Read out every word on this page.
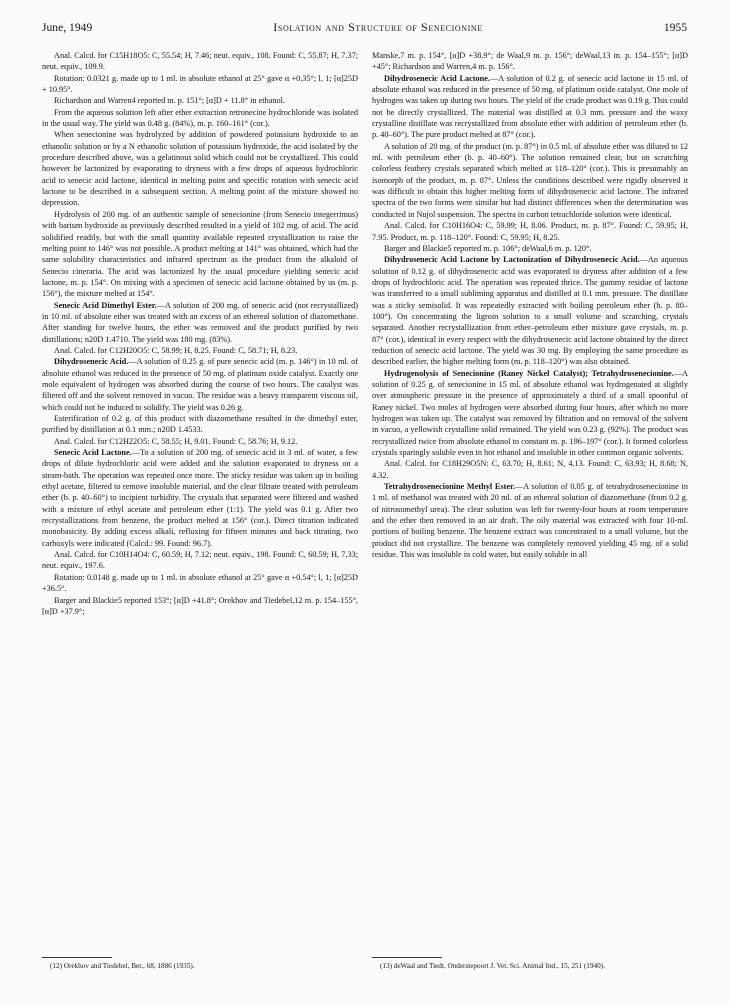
June, 1949	Isolation and Structure of Senecionine	1955

Anal. Calcd. for C15H18O5: C, 55.54; H, 7.46; neut. equiv., 108. Found: C, 55.87; H, 7.37; neut. equiv., 109.9.

Rotation: 0.0321 g. made up to 1 ml. in absolute ethanol at 25° gave α +0.35°; l, 1; [α]25D + 10.95°.

Richardson and Warren4 reported m. p. 151°; [α]D + 11.8° in ethanol.

From the aqueous solution left after ether extraction retronecine hydrochloride was isolated in the usual way. The yield was 0.48 g. (84%), m. p. 160–161° (cor.).

When senecionine was hydrolyzed by addition of powdered potassium hydroxide to an ethanolic solution or by a N ethanolic solution of potassium hydroxide, the acid isolated by the procedure described above, was a gelatinous solid which could not be crystallized. This could however be lactonized by evaporating to dryness with a few drops of aqueous hydrochloric acid to senecic acid lactone, identical in melting point and specific rotation with senecic acid lactone to be described in a subsequent section. A melting point of the mixture showed no depression.

Hydrolysis of 200 mg. of an authentic sample of senecionine (from Senecio integerrimus) with barium hydroxide as previously described resulted in a yield of 102 mg. of acid. The acid solidified readily, but with the small quantity available repeated crystallization to raise the melting point to 146° was not possible. A product melting at 141° was obtained, which had the same solubility characteristics and infrared spectrum as the product from the alkaloid of Senecio cineraria. The acid was lactonized by the usual procedure yielding senecic acid lactone, m. p. 154°. On mixing with a specimen of senecic acid lactone obtained by us (m. p. 156°), the mixture melted at 154°.

Senecic Acid Dimethyl Ester.—A solution of 200 mg. of senecic acid (not recrystallized) in 10 ml. of absolute ether was treated with an excess of an ethereal solution of diazomethane. After standing for twelve hours, the ether was removed and the product purified by two distillations; n20D 1.4710. The yield was 180 mg. (83%).

Anal. Calcd. for C12H20O5: C, 58.99; H, 8.25. Found: C, 58.71; H, 8.23.

Dihydrosenecic Acid.—A solution of 0.25 g. of pure senecic acid (m. p. 146°) in 10 ml. of absolute ethanol was reduced in the presence of 50 mg. of platinum oxide catalyst. Exactly one mole equivalent of hydrogen was absorbed during the course of two hours. The catalyst was filtered off and the solvent removed in vacuo. The residue was a heavy transparent viscous oil, which could not be induced to solidify. The yield was 0.26 g.

Esterification of 0.2 g. of this product with diazomethane resulted in the dimethyl ester, purified by distillation at 0.1 mm.; n20D 1.4533.

Anal. Calcd. for C12H22O5: C, 58.55; H, 9.01. Found: C, 58.76; H, 9.12.

Senecic Acid Lactone.—To a solution of 200 mg. of senecic acid in 3 ml. of water, a few drops of dilute hydrochloric acid were added and the solution evaporated to dryness on a steam-bath. The operation was repeated once more. The sticky residue was taken up in boiling ethyl acetate, filtered to remove insoluble material, and the clear filtrate treated with petroleum ether (b. p. 40–60°) to incipient turbidity. The crystals that separated were filtered and washed with a mixture of ethyl acetate and petroleum ether (1:1). The yield was 0.1 g. After two recrystallizations from benzene, the product melted at 156° (cor.). Direct titration indicated monobasicity. By adding excess alkali, refluxing for fifteen minutes and back titrating, two carboxyls were indicated (Calcd.: 99. Found: 96.7).

Anal. Calcd. for C10H14O4: C, 60.59; H, 7.12; neut. equiv., 198. Found: C, 60.59; H, 7.33; neut. equiv., 197.6.

Rotation: 0.0148 g. made up to 1 ml. in absolute ethanol at 25° gave α +0.54°; l, 1; [α]25D +36.5°.

Barger and Blackie5 reported 153°; [α]D +41.8°; Orekhov and Tiedebel,12 m. p. 154–155°, [α]D +37.9°;

(12) Orekhov and Tiedebel, Ber., 68, 1886 (1935).

Manske,7 m. p. 154°, [α]D +38.9°; de Waal,9 m. p. 156°; deWaal,13 m. p. 154–155°; [α]D +45°; Richardson and Warren,4 m. p. 156°.

Dihydrosenecic Acid Lactone.—A solution of 0.2 g. of senecic acid lactone in 15 ml. of absolute ethanol was reduced in the presence of 50 mg. of platinum oxide catalyst. One mole of hydrogen was taken up during two hours. The yield of the crude product was 0.19 g. This could not be directly crystallized. The material was distilled at 0.3 mm. pressure and the waxy crystalline distillate was recrystallized from absolute ether with addition of petroleum ether (b. p. 40–60°). The pure product melted at 87° (cor.).

A solution of 20 mg. of the product (m. p. 87°) in 0.5 ml. of absolute ether was diluted to 12 ml. with petroleum ether (b. p. 40–60°). The solution remained clear, but on scratching colorless feathery crystals separated which melted at 118–120° (cor.). This is presumably an isomorph of the product, m. p. 87°. Unless the conditions described were rigidly observed it was difficult to obtain this higher melting form of dihydrosenecic acid lactone. The infrared spectra of the two forms were similar but had distinct differences when the determination was conducted in Nujol suspension. The spectra in carbon tetrachloride solution were identical.

Anal. Calcd. for C10H16O4: C, 59.99; H, 8.06. Product, m. p. 87°. Found: C, 59.95; H, 7.95. Product, m. p. 118–120°. Found: C, 59.95; H, 8.25.

Barger and Blackie5 reported m. p. 106°; deWaal,6 m. p. 120°.

Dihydrosenecic Acid Lactone by Lactonization of Dihydrosenecic Acid.—An aqueous solution of 0.12 g. of dihydrosenecic acid was evaporated to dryness after addition of a few drops of hydrochloric acid. The operation was repeated thrice. The gummy residue of lactone was transferred to a small subliming apparatus and distilled at 0.1 mm. pressure. The distillate was a sticky semisolid. It was repeatedly extracted with boiling petroleum ether (b. p. 80–100°). On concentrating the ligroin solution to a small volume and scratching, crystals separated. Another recrystallization from ether–petroleum ether mixture gave crystals, m. p. 87° (cor.), identical in every respect with the dihydrosenecic acid lactone obtained by the direct reduction of senecic acid lactone. The yield was 30 mg. By employing the same procedure as described earlier, the higher melting form (m. p. 118–120°) was also obtained.

Hydrogenolysis of Senecionine (Raney Nickel Catalyst); Tetrahydrosenecionine.—A solution of 0.25 g. of senecionine in 15 ml. of absolute ethanol was hydrogenated at slightly over atmospheric pressure in the presence of approximately a third of a small spoonful of Raney nickel. Two moles of hydrogen were absorbed during four hours, after which no more hydrogen was taken up. The catalyst was removed by filtration and on removal of the solvent in vacuo, a yellowish crystalline solid remained. The yield was 0.23 g. (92%). The product was recrystallized twice from absolute ethanol to constant m. p. 196–197° (cor.). It formed colorless crystals sparingly soluble even in hot ethanol and insoluble in other common organic solvents.

Anal. Calcd. for C18H29O5N: C, 63.70; H, 8.61; N, 4.13. Found: C, 63.93; H, 8.68; N, 4.32.

Tetrahydrosenecionine Methyl Ester.—A solution of 0.05 g. of tetrahydrosenecionine in 1 ml. of methanol was treated with 20 ml. of an ethereal solution of diazomethane (from 0.2 g. of nitrosomethyl urea). The clear solution was left for twenty-four hours at room temperature and the ether then removed in an air draft. The oily material was extracted with four 10-ml. portions of boiling benzene. The benzene extract was concentrated to a small volume, but the product did not crystallize. The benzene was completely removed yielding 45 mg. of a solid residue. This was insoluble in cold water, but easily soluble in all

(13) deWaal and Tiedt, Onderstepoort J. Vet. Sci. Animal Ind., 15, 251 (1940).
